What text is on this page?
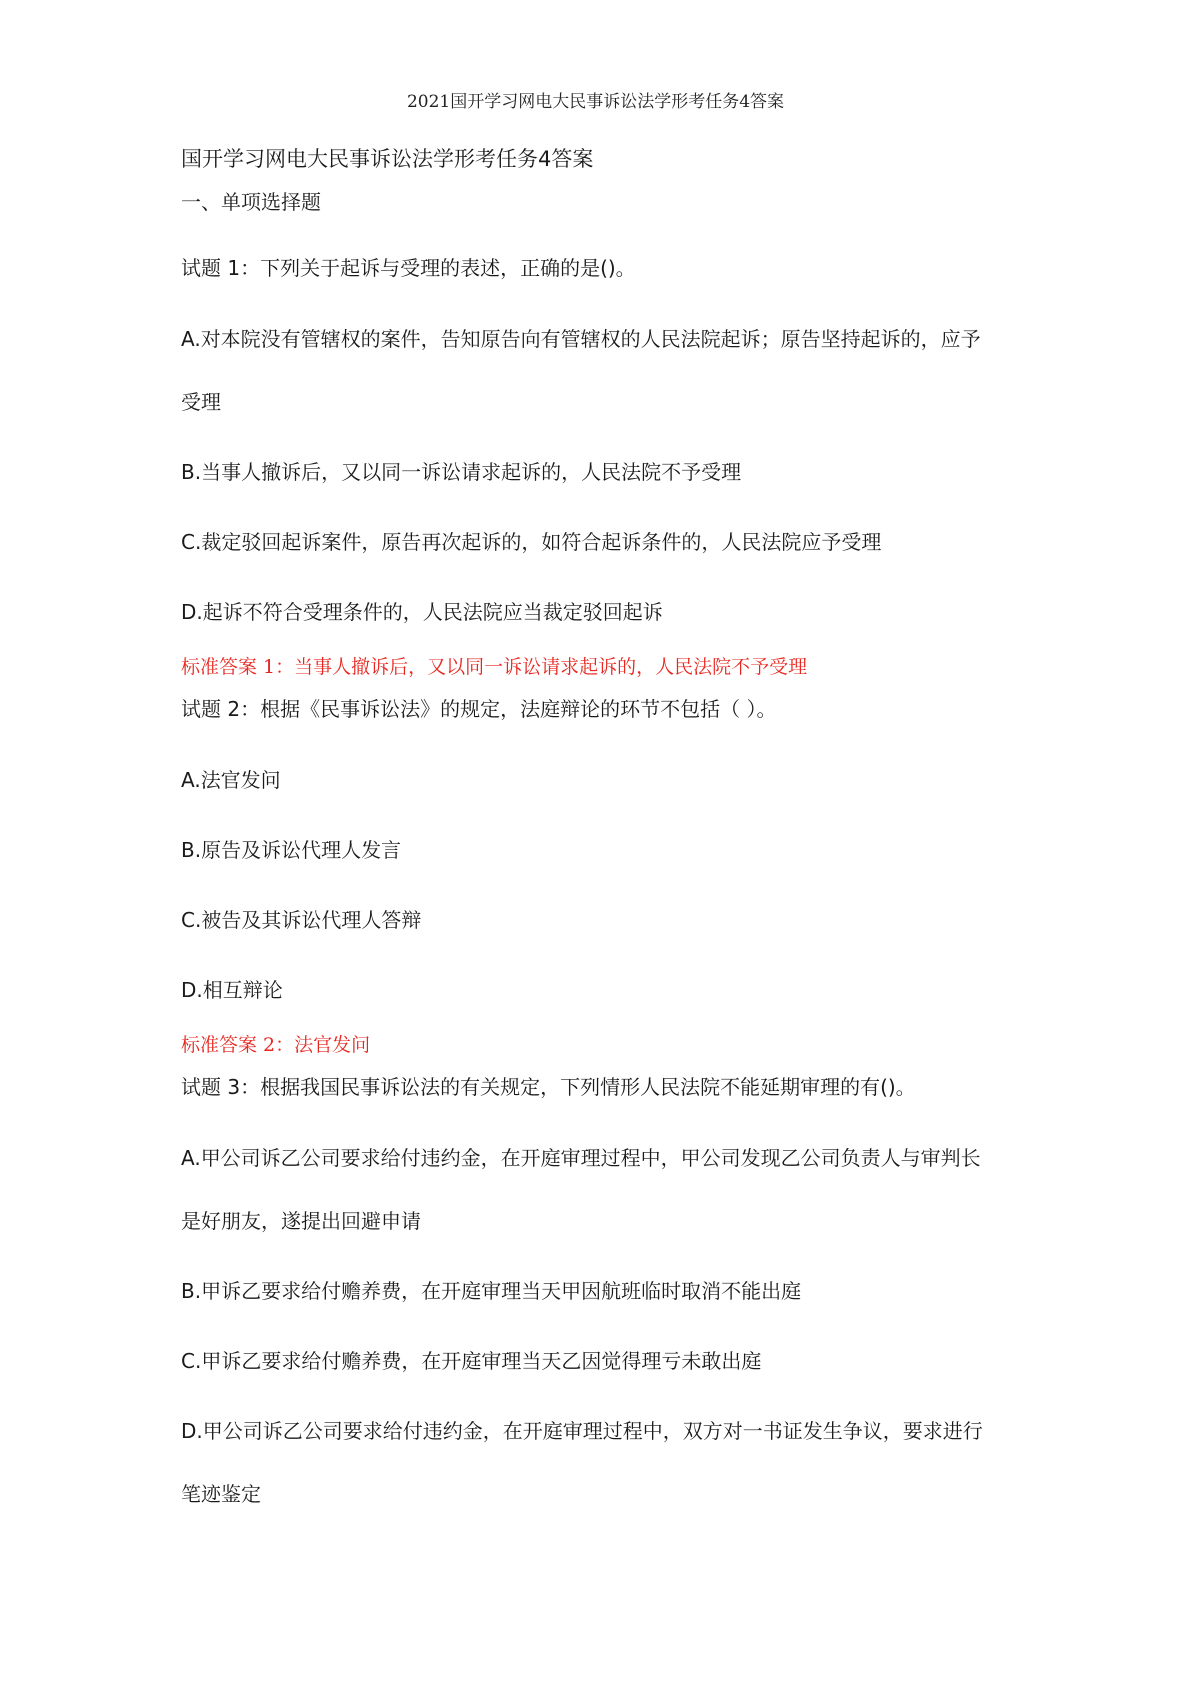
2021国开学习网电大民事诉讼法学形考任务4答案

国开学习网电大民事诉讼法学形考任务4答案

一、单项选择题

试题 1：下列关于起诉与受理的表述，正确的是()。

A.对本院没有管辖权的案件，告知原告向有管辖权的人民法院起诉；原告坚持起诉的，应予

受理

B.当事人撤诉后，又以同一诉讼请求起诉的，人民法院不予受理

C.裁定驳回起诉案件，原告再次起诉的，如符合起诉条件的，人民法院应予受理

D.起诉不符合受理条件的，人民法院应当裁定驳回起诉

标准答案 1：当事人撤诉后，又以同一诉讼请求起诉的，人民法院不予受理

试题 2：根据《民事诉讼法》的规定，法庭辩论的环节不包括（ ）。

A.法官发问

B.原告及诉讼代理人发言

C.被告及其诉讼代理人答辩

D.相互辩论

标准答案 2：法官发问

试题 3：根据我国民事诉讼法的有关规定，下列情形人民法院不能延期审理的有()。

A.甲公司诉乙公司要求给付违约金，在开庭审理过程中，甲公司发现乙公司负责人与审判长

是好朋友，遂提出回避申请

B.甲诉乙要求给付赡养费，在开庭审理当天甲因航班临时取消不能出庭

C.甲诉乙要求给付赡养费，在开庭审理当天乙因觉得理亏未敢出庭

D.甲公司诉乙公司要求给付违约金，在开庭审理过程中，双方对一书证发生争议，要求进行

笔迹鉴定
